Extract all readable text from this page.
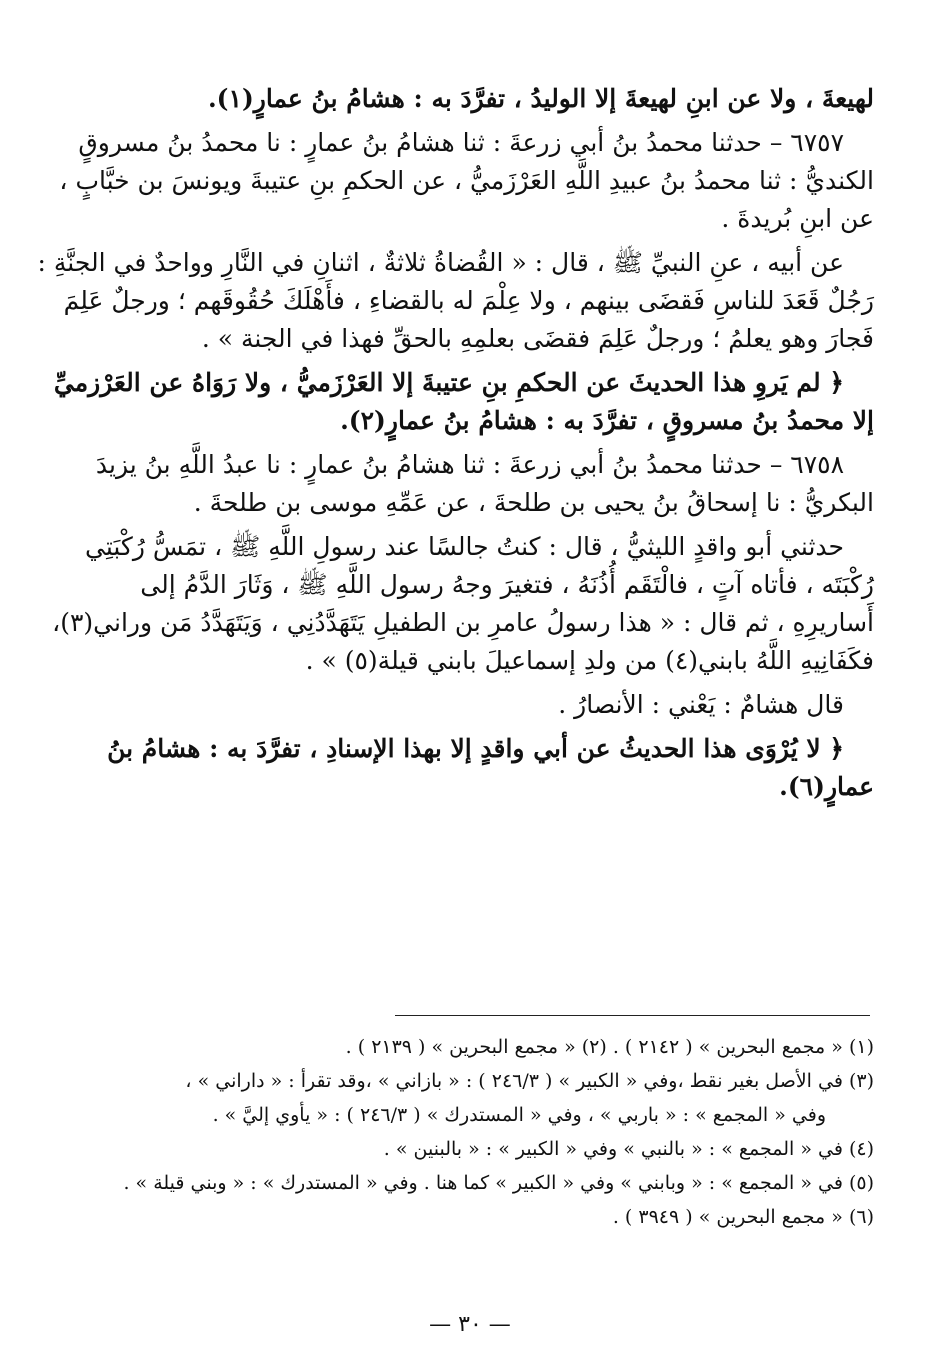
لهيعةَ ، ولا عن ابنِ لهيعةَ إلا الوليدُ ، تفرَّدَ به : هشامُ بنُ عمارٍ(١).
٦٧٥٧ – حدثنا محمدُ بنُ أبي زرعةَ : ثنا هشامُ بنُ عمارٍ : نا محمدُ بنُ مسروقٍ
الكنديُّ : ثنا محمدُ بنُ عبيدِ اللَّهِ العَرْزَميُّ ، عن الحكمِ بنِ عتيبةَ ويونسَ بن خبَّابٍ ،
عن ابنِ بُريدةَ .
عن أبيه ، عنِ النبيِّ ﷺ ، قال : « القُضاةُ ثلاثةٌ ، اثنانِ في النَّارِ وواحدٌ في الجنَّةِ :
رَجُلٌ قَعَدَ للناسِ فَقضَى بينهم ، ولا عِلْمَ له بالقضاءِ ، فأَهْلَكَ حُقُوقَهم ؛ ورجلٌ عَلِمَ
فَجارَ وهو يعلمُ ؛ ورجلٌ عَلِمَ فقضَى بعلمِهِ بالحقِّ فهذا في الجنة » .
﴿ لم يَروِ هذا الحديثَ عن الحكمِ بنِ عتيبةَ إلا العَرْزَميُّ ، ولا رَوَاهُ عن العَرْزميِّ
إلا محمدُ بنُ مسروقٍ ، تفرَّدَ به : هشامُ بنُ عمارٍ(٢).
٦٧٥٨ – حدثنا محمدُ بنُ أبي زرعةَ : ثنا هشامُ بنُ عمارٍ : نا عبدُ اللَّهِ بنُ يزيدَ
البكريُّ : نا إسحاقُ بنُ يحيى بن طلحةَ ، عن عَمِّهِ موسى بن طلحةَ .
حدثني أبو واقدٍ الليثيُّ ، قال : كنتُ جالسًا عند رسولِ اللَّهِ ﷺ ، تمَسُّ رُكْبَتِي
رُكْبَتَه ، فأتاه آتٍ ، فالْتَقَم أُذُنَهُ ، فتغيرَ وجهُ رسول اللَّهِ ﷺ ، وَثَارَ الدَّمُ إلى
أَساريرِهِ ، ثم قال : « هذا رسولُ عامرِ بن الطفيلِ يَتَهَدَّدُنِي ، وَيَتَهَدَّدُ مَن وراني(٣)،
فكَفَانِيهِ اللَّهُ بابني(٤) من ولدِ إسماعيلَ بابني قيلة(٥) » .
قال هشامٌ : يَعْني : الأنصارُ .
﴿ لا يُرْوَى هذا الحديثُ عن أبي واقدٍ إلا بهذا الإسنادِ ، تفرَّدَ به : هشامُ بنُ
عمارٍ(٦).
(١) « مجمع البحرين » ( ٢١٤٢ ) . (٢) « مجمع البحرين » ( ٢١٣٩ ) .
(٣) في الأصل بغير نقط ،وفي « الكبير » ( ٢٤٦/٣ ) : « بازاني » ،وقد تقرأ : « داراني » ،
وفي « المجمع » : « باربي » ، وفي « المستدرك » ( ٢٤٦/٣ ) : « يأوي إليَّ » .
(٤) في « المجمع » : « بالنبي » وفي « الكبير » : « بالبنين » .
(٥) في « المجمع » : « وبابني » وفي « الكبير » كما هنا . وفي « المستدرك » : « وبني قيلة » .
(٦) « مجمع البحرين » ( ٣٩٤٩ ) .
— ٣٠ —
